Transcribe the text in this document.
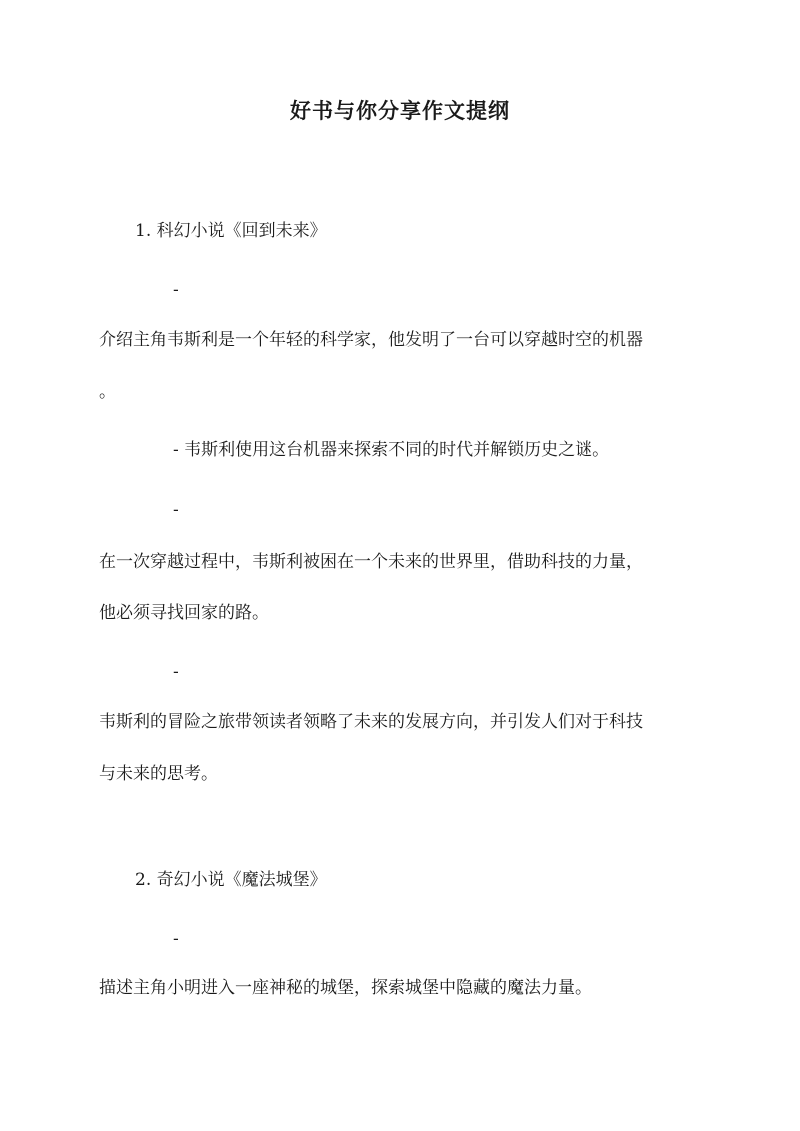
好书与你分享作文提纲
1. 科幻小说《回到未来》
-
介绍主角韦斯利是一个年轻的科学家，他发明了一台可以穿越时空的机器
。
- 韦斯利使用这台机器来探索不同的时代并解锁历史之谜。
-
在一次穿越过程中，韦斯利被困在一个未来的世界里，借助科技的力量，
他必须寻找回家的路。
-
韦斯利的冒险之旅带领读者领略了未来的发展方向，并引发人们对于科技
与未来的思考。
2. 奇幻小说《魔法城堡》
-
描述主角小明进入一座神秘的城堡，探索城堡中隐藏的魔法力量。
